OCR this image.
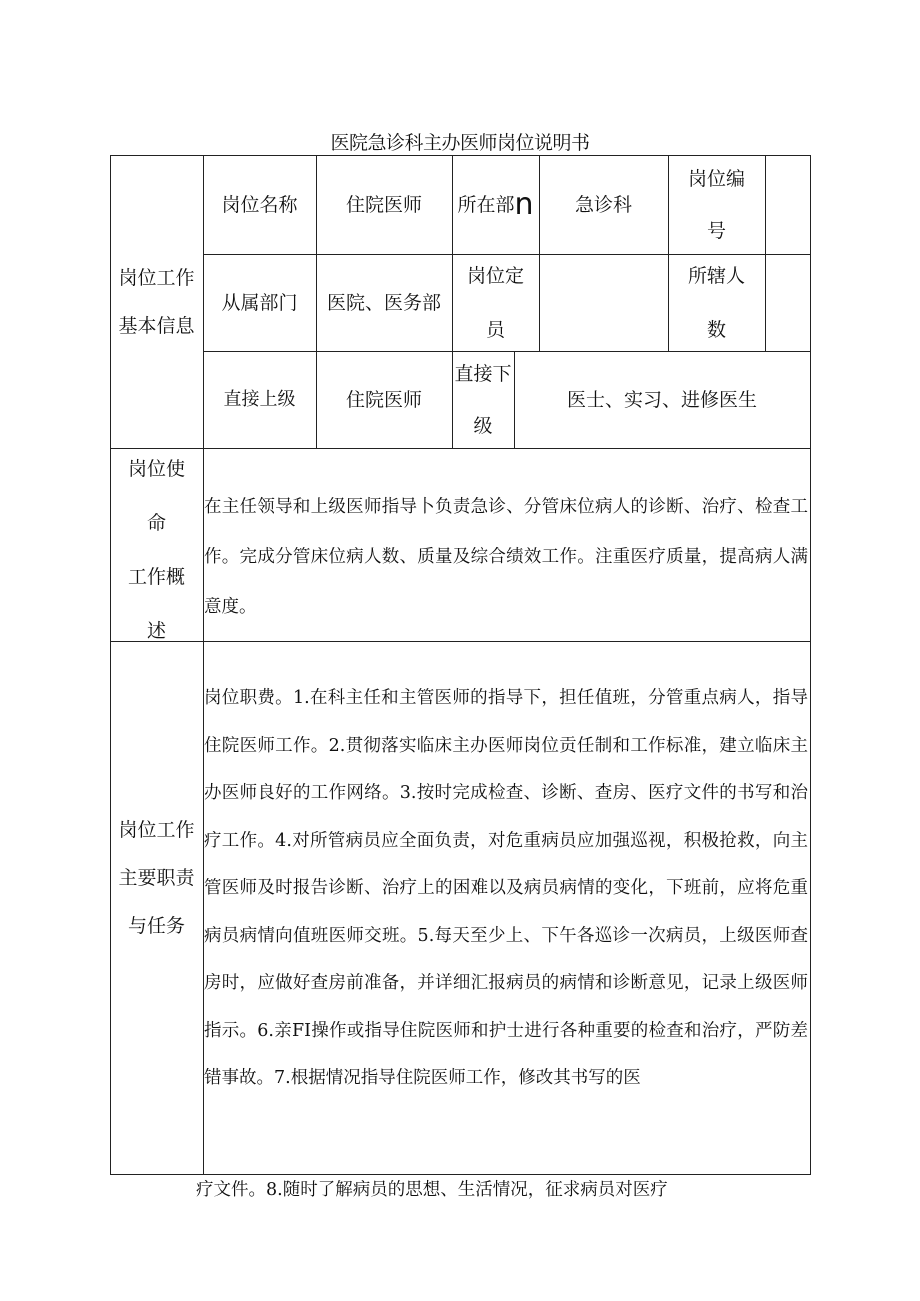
医院急诊科主办医师岗位说明书
岗位工作
基本信息
岗位名称	住院医师 所在部 n 急诊科
岗位编
号
从属部门 医院、医务部
岗位定
员
所辖人
数
直接上级	住院医师
直接下
级
医士、实习、进修医生
岗位使
命
工作概
述
在主任领导和上级医师指导卜负责急诊、分管床位病人的诊断、治疗、检查工作。完成分管床位病人数、质量及综合绩效工作。注重医疗质量，提高病人满意度。
岗位工作
主要职责
与任务
岗位职费。1.在科主任和主管医师的指导下，担任值班，分管重点病人，指导住院医师工作。2.贯彻落实临床主办医师岗位贡任制和工作标准，建立临床主办医师良好的工作网络。3.按时完成检查、诊断、查房、医疗文件的书写和治疗工作。4.对所管病员应全面负责，对危重病员应加强巡视，积极抢救，向主管医师及时报告诊断、治疗上的困难以及病员病情的变化，下班前，应将危重病员病情向值班医师交班。5.每天至少上、下午各巡诊一次病员，上级医师查房时，应做好查房前准备，并详细汇报病员的病情和诊断意见，记录上级医师指示。6.亲FI操作或指导住院医师和护士进行各种重要的检查和治疗，严防差错事故。7.根据情况指导住院医师工作，修改其书写的医
疗文件。8.随时了解病员的思想、生活情况，征求病员对医疗
